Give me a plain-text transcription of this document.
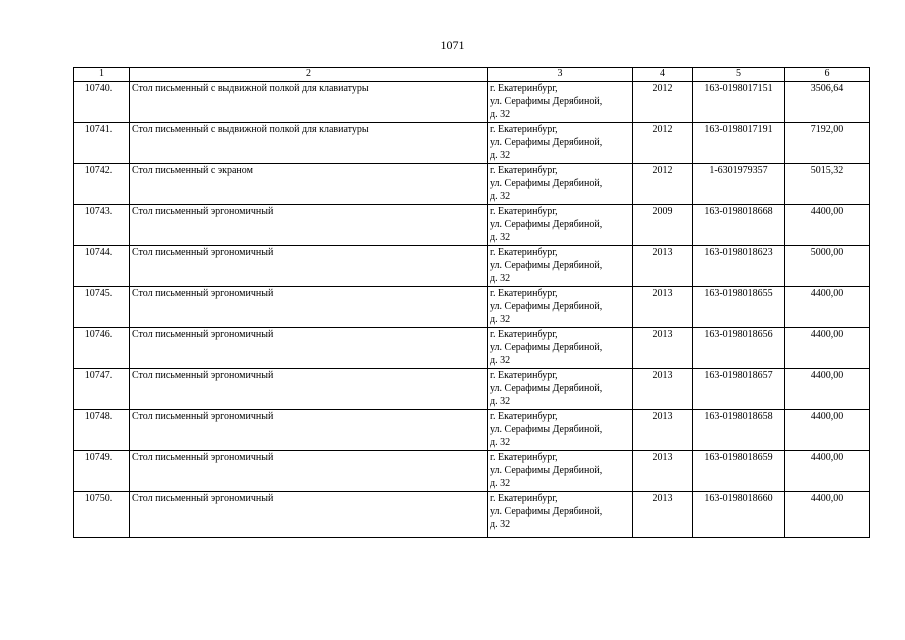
1071
1	2	3	4	5	6
10740.	Стол письменный с выдвижной полкой для клавиатуры	г. Екатеринбург,
ул. Серафимы Дерябиной,
д. 32	2012	163-0198017151	3506,64
10741.	Стол письменный с выдвижной полкой для клавиатуры	г. Екатеринбург,
ул. Серафимы Дерябиной,
д. 32	2012	163-0198017191	7192,00
10742.	Стол письменный с экраном	г. Екатеринбург,
ул. Серафимы Дерябиной,
д. 32	2012	1-6301979357	5015,32
10743.	Стол письменный эргономичный	г. Екатеринбург,
ул. Серафимы Дерябиной,
д. 32	2009	163-0198018668	4400,00
10744.	Стол письменный эргономичный	г. Екатеринбург,
ул. Серафимы Дерябиной,
д. 32	2013	163-0198018623	5000,00
10745.	Стол письменный эргономичный	г. Екатеринбург,
ул. Серафимы Дерябиной,
д. 32	2013	163-0198018655	4400,00
10746.	Стол письменный эргономичный	г. Екатеринбург,
ул. Серафимы Дерябиной,
д. 32	2013	163-0198018656	4400,00
10747.	Стол письменный эргономичный	г. Екатеринбург,
ул. Серафимы Дерябиной,
д. 32	2013	163-0198018657	4400,00
10748.	Стол письменный эргономичный	г. Екатеринбург,
ул. Серафимы Дерябиной,
д. 32	2013	163-0198018658	4400,00
10749.	Стол письменный эргономичный	г. Екатеринбург,
ул. Серафимы Дерябиной,
д. 32	2013	163-0198018659	4400,00
10750.	Стол письменный эргономичный	г. Екатеринбург,
ул. Серафимы Дерябиной,
д. 32	2013	163-0198018660	4400,00
